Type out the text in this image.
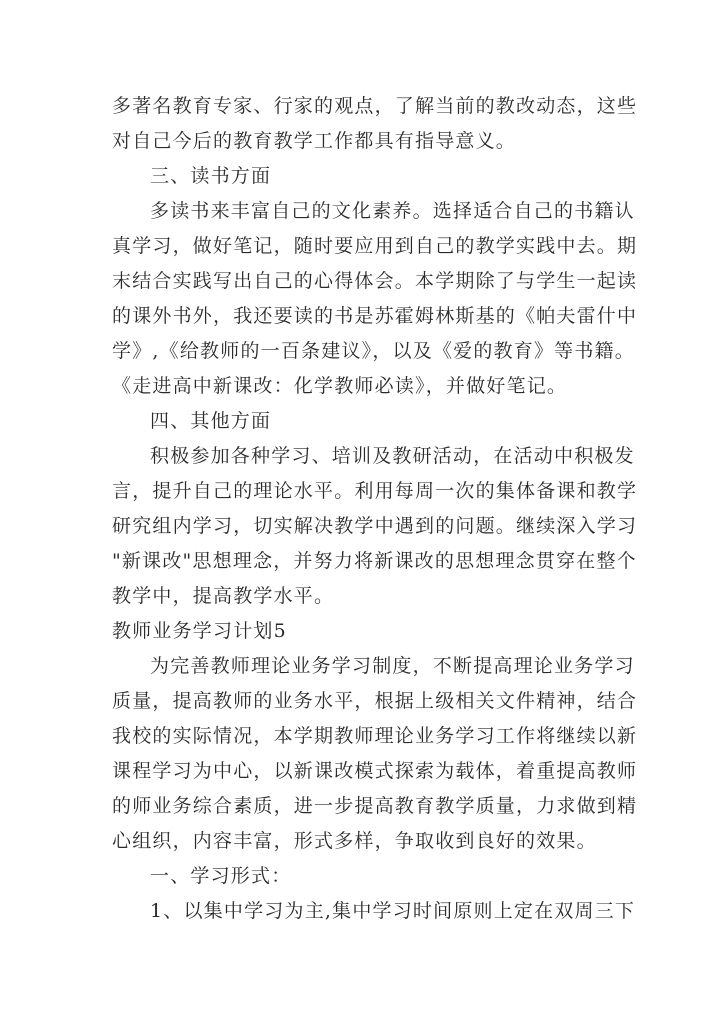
多著名教育专家、行家的观点，了解当前的教改动态，这些

对自己今后的教育教学工作都具有指导意义。

三、读书方面

多读书来丰富自己的文化素养。选择适合自己的书籍认

真学习，做好笔记，随时要应用到自己的教学实践中去。期

末结合实践写出自己的心得体会。本学期除了与学生一起读

的课外书外，我还要读的书是苏霍姆林斯基的《帕夫雷什中

学》,《给教师的一百条建议》，以及《爱的教育》等书籍。

《走进高中新课改：化学教师必读》，并做好笔记。

四、其他方面

积极参加各种学习、培训及教研活动，在活动中积极发

言，提升自己的理论水平。利用每周一次的集体备课和教学

研究组内学习，切实解决教学中遇到的问题。继续深入学习

"新课改"思想理念，并努力将新课改的思想理念贯穿在整个

教学中，提高教学水平。

教师业务学习计划5

为完善教师理论业务学习制度，不断提高理论业务学习

质量，提高教师的业务水平，根据上级相关文件精神，结合

我校的实际情况，本学期教师理论业务学习工作将继续以新

课程学习为中心，以新课改模式探索为载体，着重提高教师

的师业务综合素质，进一步提高教育教学质量，力求做到精

心组织，内容丰富，形式多样，争取收到良好的效果。

一、学习形式：

1、以集中学习为主,集中学习时间原则上定在双周三下
